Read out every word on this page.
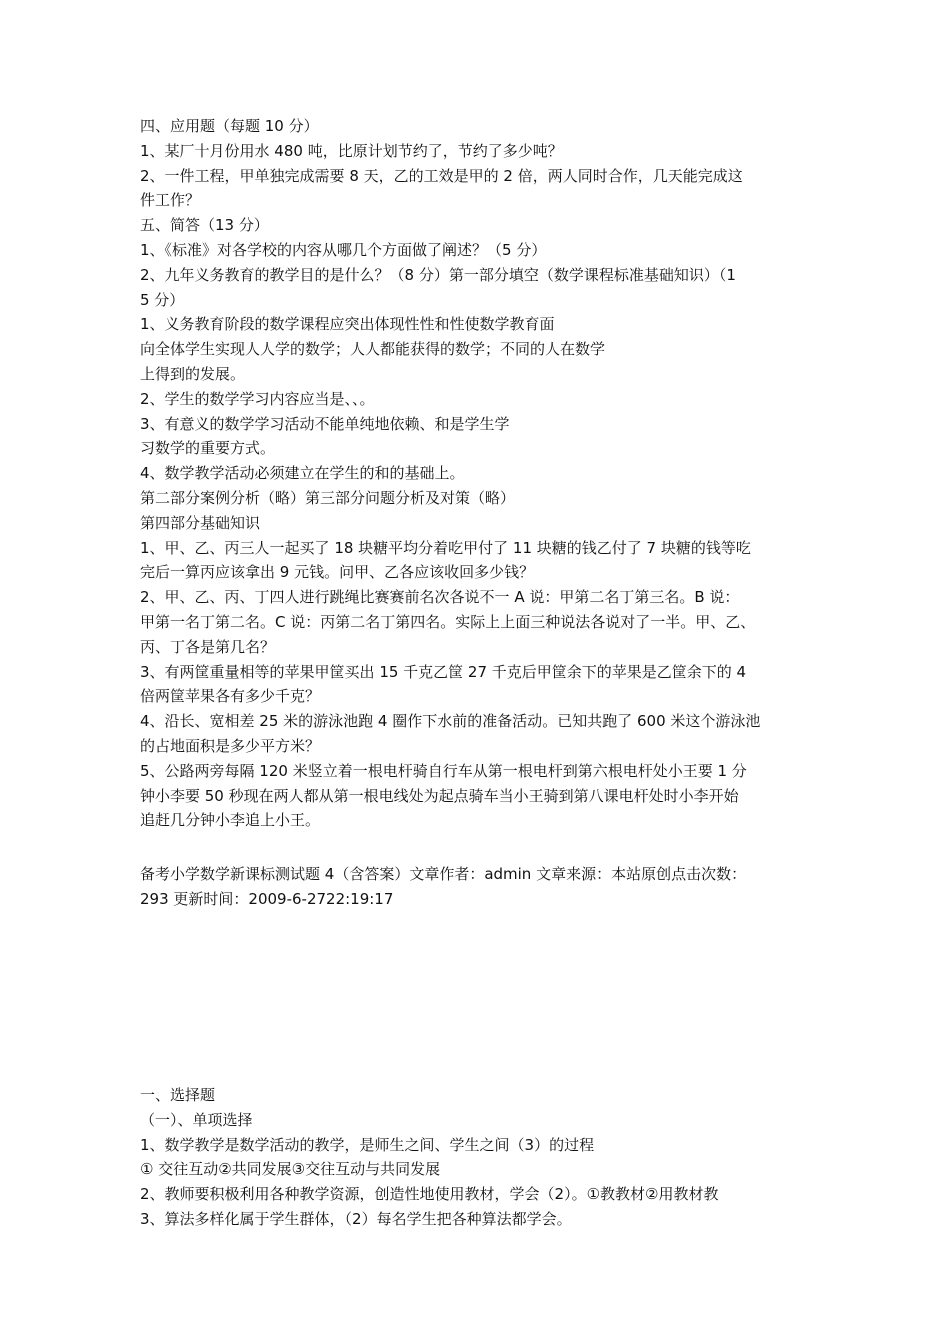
四、应用题（每题 10 分）
1、某厂十月份用水 480 吨，比原计划节约了，节约了多少吨？
2、一件工程，甲单独完成需要 8 天，乙的工效是甲的 2 倍，两人同时合作，几天能完成这
件工作？
五、简答（13 分）
1、《标准》对各学校的内容从哪几个方面做了阐述？（5 分）
2、九年义务教育的教学目的是什么？（8 分）第一部分填空（数学课程标准基础知识）（1
5 分）
1、义务教育阶段的数学课程应突出体现性性和性使数学教育面
向全体学生实现人人学的数学；人人都能获得的数学；不同的人在数学
上得到的发展。
2、学生的数学学习内容应当是、、。
3、有意义的数学学习活动不能单纯地依赖、和是学生学
习数学的重要方式。
4、数学教学活动必须建立在学生的和的基础上。
第二部分案例分析（略）第三部分问题分析及对策（略）
第四部分基础知识
1、甲、乙、丙三人一起买了 18 块糖平均分着吃甲付了 11 块糖的钱乙付了 7 块糖的钱等吃
完后一算丙应该拿出 9 元钱。问甲、乙各应该收回多少钱？
2、甲、乙、丙、丁四人进行跳绳比赛赛前名次各说不一 A 说：甲第二名丁第三名。B 说：
甲第一名丁第二名。C 说：丙第二名丁第四名。实际上上面三种说法各说对了一半。甲、乙、
丙、丁各是第几名？
3、有两筐重量相等的苹果甲筐买出 15 千克乙筐 27 千克后甲筐余下的苹果是乙筐余下的 4
倍两筐苹果各有多少千克？
4、沿长、宽相差 25 米的游泳池跑 4 圈作下水前的准备活动。已知共跑了 600 米这个游泳池
的占地面积是多少平方米？
5、公路两旁每隔 120 米竖立着一根电杆骑自行车从第一根电杆到第六根电杆处小王要 1 分
钟小李要 50 秒现在两人都从第一根电线处为起点骑车当小王骑到第八课电杆处时小李开始
追赶几分钟小李追上小王。
备考小学数学新课标测试题 4（含答案）文章作者：admin 文章来源：本站原创点击次数：
293 更新时间：2009-6-2722:19:17
一、选择题
（一）、单项选择
1、数学教学是数学活动的教学，是师生之间、学生之间（3）的过程
① 交往互动②共同发展③交往互动与共同发展
2、教师要积极利用各种教学资源，创造性地使用教材，学会（2）。①教教材②用教材教
3、算法多样化属于学生群体，（2）每名学生把各种算法都学会。
